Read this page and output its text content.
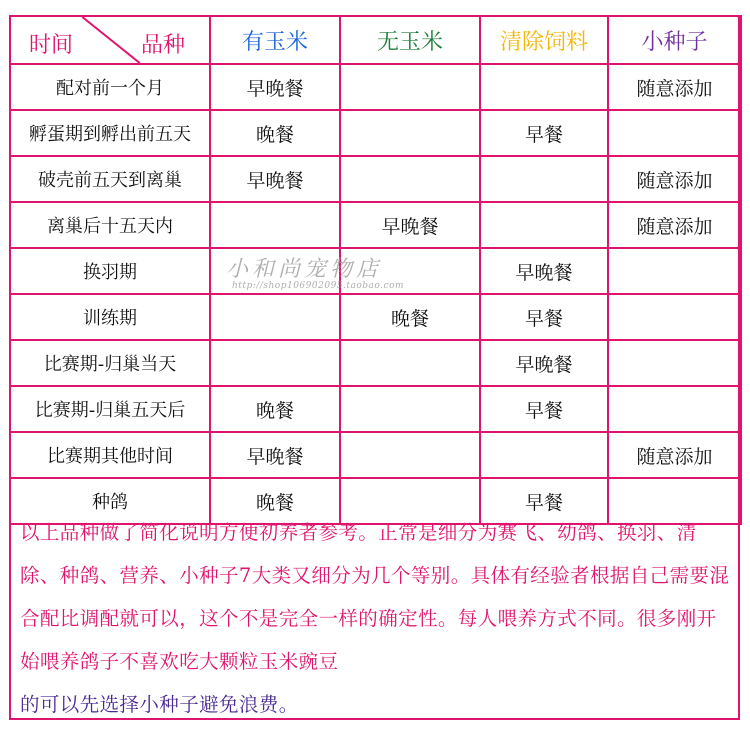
时间 品种	有玉米	无玉米	清除饲料	小种子
配对前一个月	早晚餐			随意添加
孵蛋期到孵出前五天	晚餐		早餐	
破壳前五天到离巢	早晚餐			随意添加
离巢后十五天内		早晚餐		随意添加
换羽期			早晚餐	
训练期		晚餐	早餐	
比赛期-归巢当天			早晚餐	
比赛期-归巢五天后	晚餐		早餐	
比赛期其他时间	早晚餐			随意添加
种鸽	晚餐		早餐	
以上品种做了简化说明方便初养者参考。正常是细分为赛飞、幼鸽、换羽、清除、种鸽、营养、小种子7大类又细分为几个等别。具体有经验者根据自己需要混合配比调配就可以，这个不是完全一样的确定性。每人喂养方式不同。很多刚开始喂养鸽子不喜欢吃大颗粒玉米豌豆
的可以先选择小种子避免浪费。
小和尚宠物店
http://shop106902095.taobao.com
